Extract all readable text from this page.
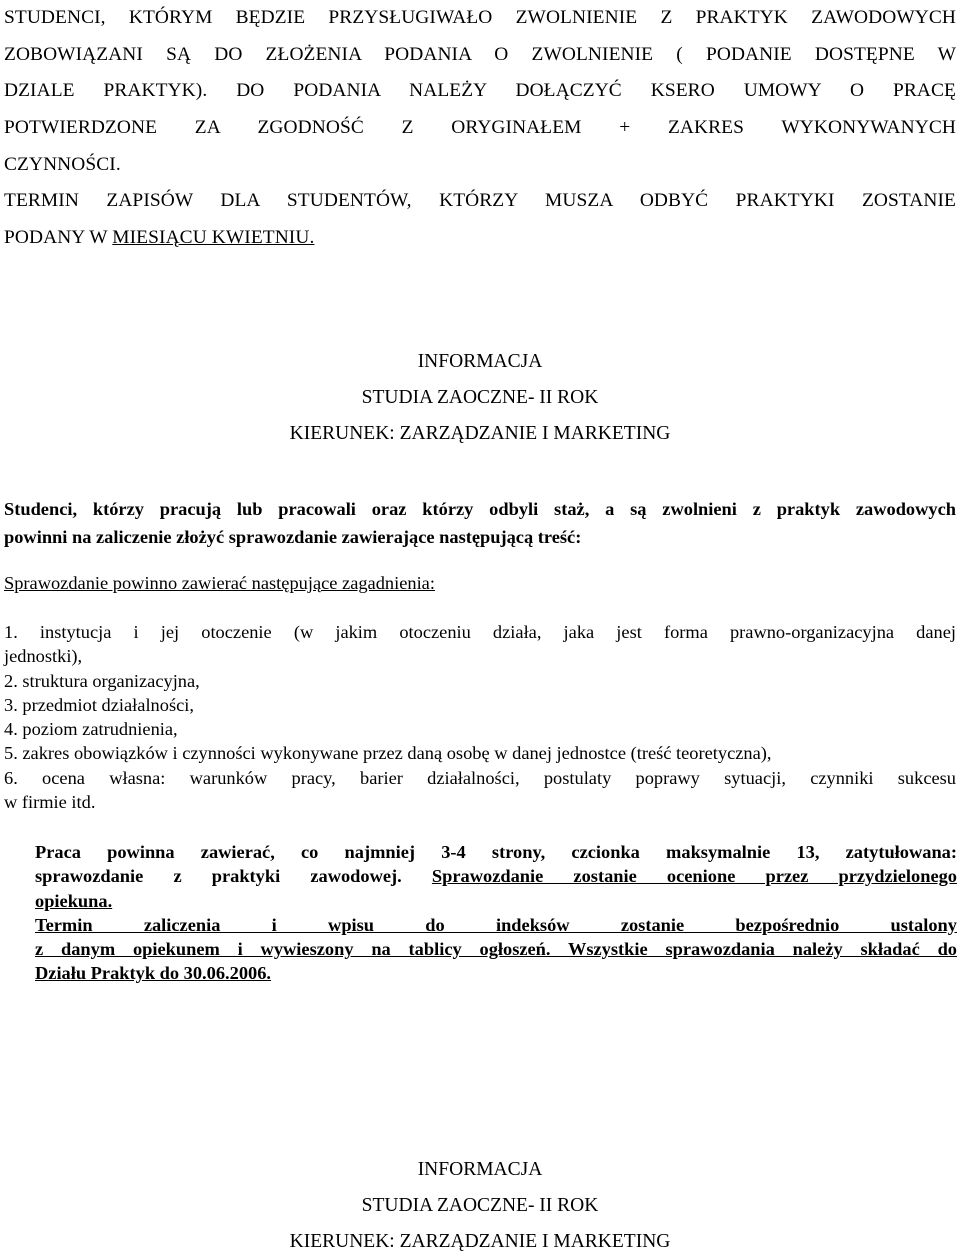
STUDENCI, KTÓRYM BĘDZIE PRZYSŁUGIWAŁO ZWOLNIENIE Z PRAKTYK ZAWODOWYCH
ZOBOWIĄZANI SĄ DO ZŁOŻENIA PODANIA O ZWOLNIENIE ( PODANIE DOSTĘPNE W
DZIALE PRAKTYK). DO PODANIA NALEŻY DOŁĄCZYĆ KSERO UMOWY O PRACĘ
POTWIERDZONE ZA ZGODNOŚĆ Z ORYGINAŁEM + ZAKRES WYKONYWANYCH
CZYNNOŚCI.
TERMIN ZAPISÓW DLA STUDENTÓW, KTÓRZY MUSZA ODBYĆ PRAKTYKI ZOSTANIE
PODANY W MIESIĄCU KWIETNIU.
INFORMACJA
STUDIA ZAOCZNE- II ROK
KIERUNEK: ZARZĄDZANIE I MARKETING
Studenci, którzy pracują lub pracowali oraz którzy odbyli staż, a są zwolnieni z praktyk zawodowych
powinni na zaliczenie złożyć sprawozdanie zawierające następującą treść:
Sprawozdanie powinno zawierać następujące zagadnienia:
1. instytucja i jej otoczenie (w jakim otoczeniu działa, jaka jest forma prawno-organizacyjna danej
jednostki),
2. struktura organizacyjna,
3. przedmiot działalności,
4. poziom zatrudnienia,
5. zakres obowiązków i czynności wykonywane przez daną osobę w danej jednostce (treść teoretyczna),
6. ocena własna: warunków pracy, barier działalności, postulaty poprawy sytuacji, czynniki sukcesu
w firmie itd.
Praca powinna zawierać, co najmniej 3-4 strony, czcionka maksymalnie 13, zatytułowana:
sprawozdanie z praktyki zawodowej. Sprawozdanie zostanie ocenione przez przydzielonego
opiekuna.
Termin zaliczenia i wpisu do indeksów zostanie bezpośrednio ustalony
z danym opiekunem i wywieszony na tablicy ogłoszeń. Wszystkie sprawozdania należy składać do
Działu Praktyk do 30.06.2006.
INFORMACJA
STUDIA ZAOCZNE- II ROK
KIERUNEK: ZARZĄDZANIE I MARKETING
